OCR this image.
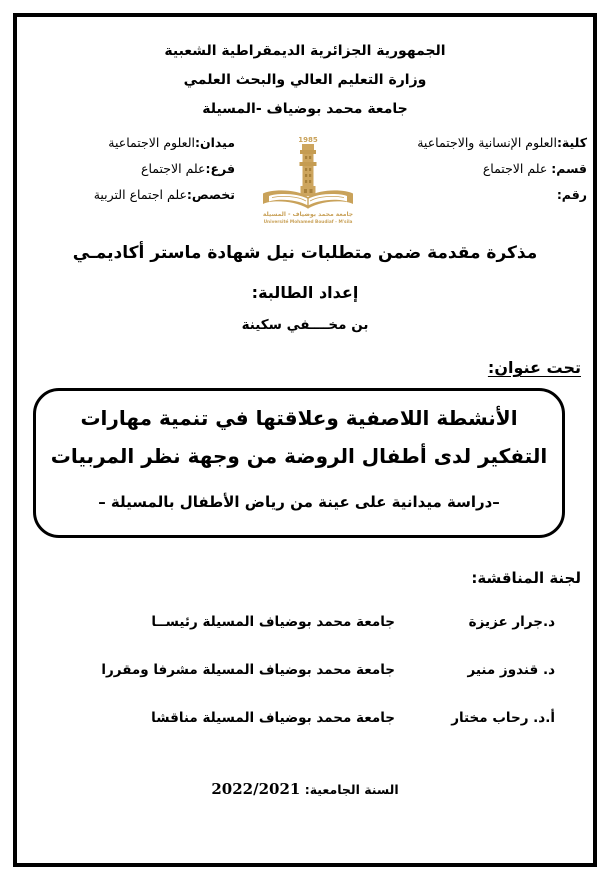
الجمهورية الجزائرية الديمقراطية الشعبية
وزارة التعليم العالي والبحث العلمي
جامعة محمد بوضياف -المسيلة
كلية:العلوم الإنسانية والاجتماعية
قسم: علم الاجتماع
رقم:
1985
جامعة محمد بوضياف - المسيلة
Université Mohamed Boudiaf - M'sila
ميدان:العلوم الاجتماعية
فرع:علم الاجتماع
تخصص:علم اجتماع التربية
مذكرة مقدمة ضمن متطلبات نيل شهادة ماستر أكاديمـي
إعداد الطالبة:
بن مخــــفي سكينة
تحت عنوان:
الأنشطة اللاصفية وعلاقتها في تنمية مهارات
التفكير لدى أطفال الروضة من وجهة نظر المربيات
–دراسة ميدانية على عينة من رياض الأطفال بالمسيلة –
لجنة المناقشة:
د.جرار عزيزة
جامعة محمد بوضياف المسيلة رئيســا
د. قندوز منير
جامعة محمد بوضياف المسيلة مشرفا ومقررا
أ.د. رحاب مختار
جامعة محمد بوضياف المسيلة مناقشا
السنة الجامعية: 2022/2021
